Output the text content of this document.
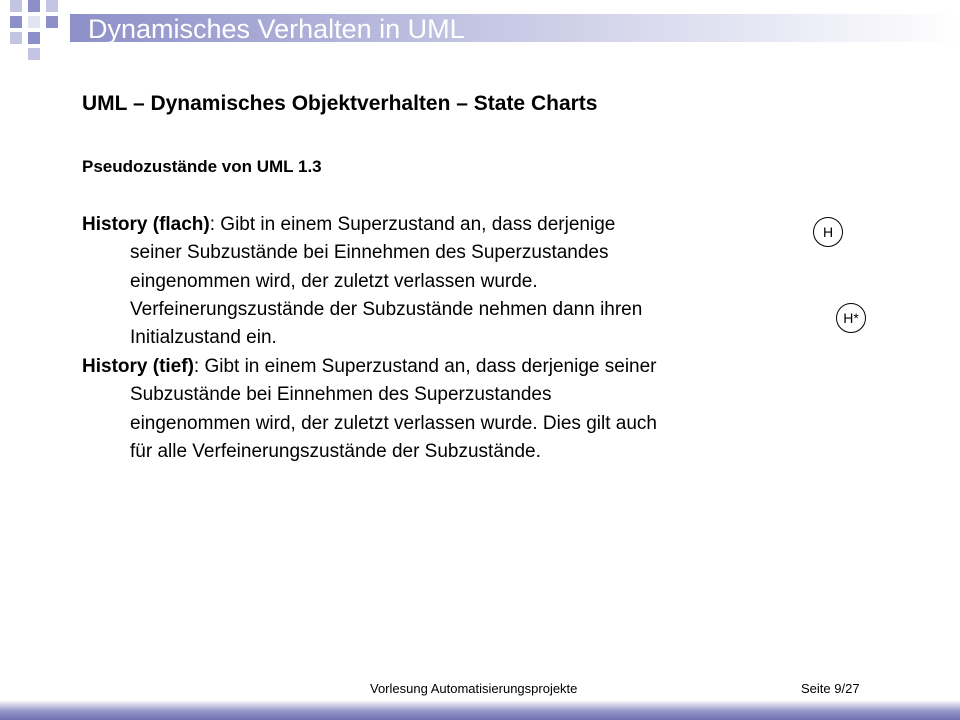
Dynamisches Verhalten in UML
UML – Dynamisches Objektverhalten – State Charts
Pseudozustände von UML 1.3
History (flach): Gibt in einem Superzustand an, dass derjenige
seiner Subzustände bei Einnehmen des Superzustandes
eingenommen wird, der zuletzt verlassen wurde.
Verfeinerungszustände der Subzustände nehmen dann ihren
Initialzustand ein.
History (tief): Gibt in einem Superzustand an, dass derjenige seiner
Subzustände bei Einnehmen des Superzustandes
eingenommen wird, der zuletzt verlassen wurde. Dies gilt auch
für alle Verfeinerungszustände der Subzustände.
H
H*
Vorlesung Automatisierungsprojekte	Seite 9/27
